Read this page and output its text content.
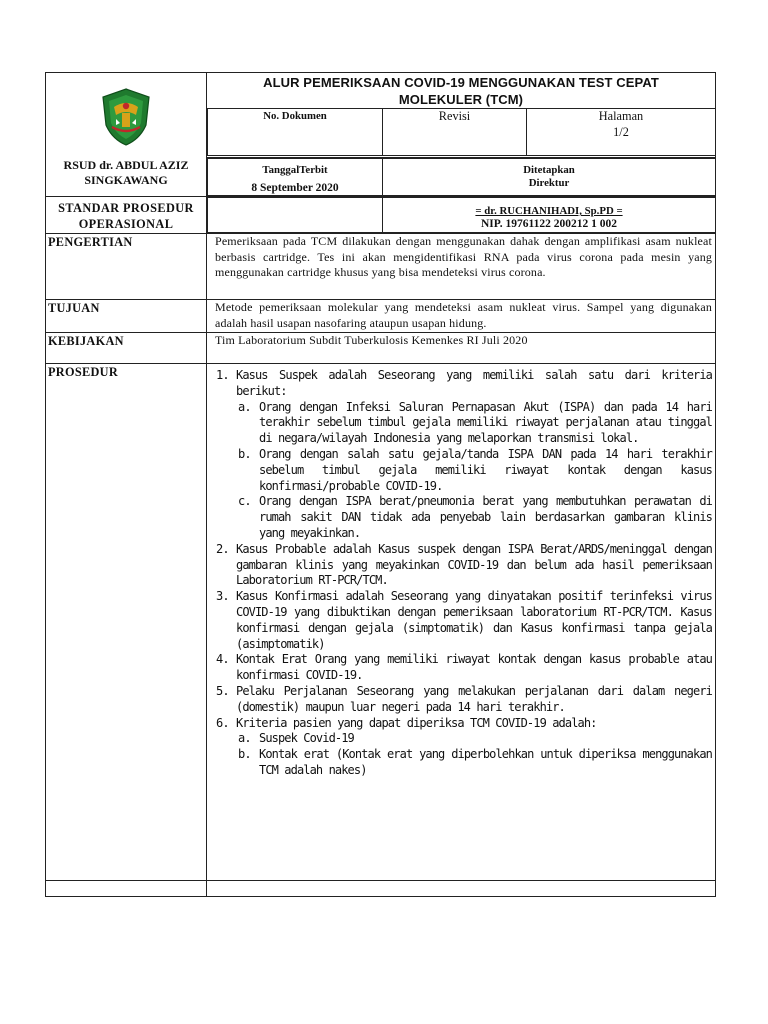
RSUD dr. ABDUL AZIZ
SINGKAWANG

ALUR PEMERIKSAAN COVID-19 MENGGUNAKAN TEST CEPAT
MOLEKULER (TCM)
No. Dokumen	Revisi	Halaman
1/2

TanggalTerbit
8 September 2020

Ditetapkan
Direktur

STANDAR PROSEDUR
OPERASIONAL

= dr. RUCHANIHADI, Sp.PD =
NIP. 19761122 200212 1 002

PENGERTIAN	Pemeriksaan pada TCM dilakukan dengan menggunakan dahak dengan amplifikasi asam nukleat berbasis cartridge. Tes ini akan mengidentifikasi RNA pada virus corona pada mesin yang menggunakan cartridge khusus yang bisa mendeteksi virus corona.
TUJUAN	Metode pemeriksaan molekular yang mendeteksi asam nukleat virus. Sampel yang digunakan adalah hasil usapan nasofaring ataupun usapan hidung.
KEBIJAKAN	Tim Laboratorium Subdit Tuberkulosis Kemenkes RI Juli 2020
PROSEDUR	1. Kasus Suspek adalah Seseorang yang memiliki salah satu dari kriteria berikut:
a. Orang dengan Infeksi Saluran Pernapasan Akut (ISPA) dan pada 14 hari terakhir sebelum timbul gejala memiliki riwayat perjalanan atau tinggal di negara/wilayah Indonesia yang melaporkan transmisi lokal.
b. Orang dengan salah satu gejala/tanda ISPA DAN pada 14 hari terakhir sebelum timbul gejala memiliki riwayat kontak dengan kasus konfirmasi/probable COVID-19.
c. Orang dengan ISPA berat/pneumonia berat yang membutuhkan perawatan di rumah sakit DAN tidak ada penyebab lain berdasarkan gambaran klinis yang meyakinkan.
2. Kasus Probable adalah Kasus suspek dengan ISPA Berat/ARDS/meninggal dengan gambaran klinis yang meyakinkan COVID-19 dan belum ada hasil pemeriksaan Laboratorium RT-PCR/TCM.
3. Kasus Konfirmasi adalah Seseorang yang dinyatakan positif terinfeksi virus COVID-19 yang dibuktikan dengan pemeriksaan laboratorium RT-PCR/TCM. Kasus konfirmasi dengan gejala (simptomatik) dan Kasus konfirmasi tanpa gejala (asimptomatik)
4. Kontak Erat Orang yang memiliki riwayat kontak dengan kasus probable atau konfirmasi COVID-19.
5. Pelaku Perjalanan Seseorang yang melakukan perjalanan dari dalam negeri (domestik) maupun luar negeri pada 14 hari terakhir.
6. Kriteria pasien yang dapat diperiksa TCM COVID-19 adalah:
a. Suspek Covid-19
b. Kontak erat (Kontak erat yang diperbolehkan untuk diperiksa menggunakan TCM adalah nakes)
